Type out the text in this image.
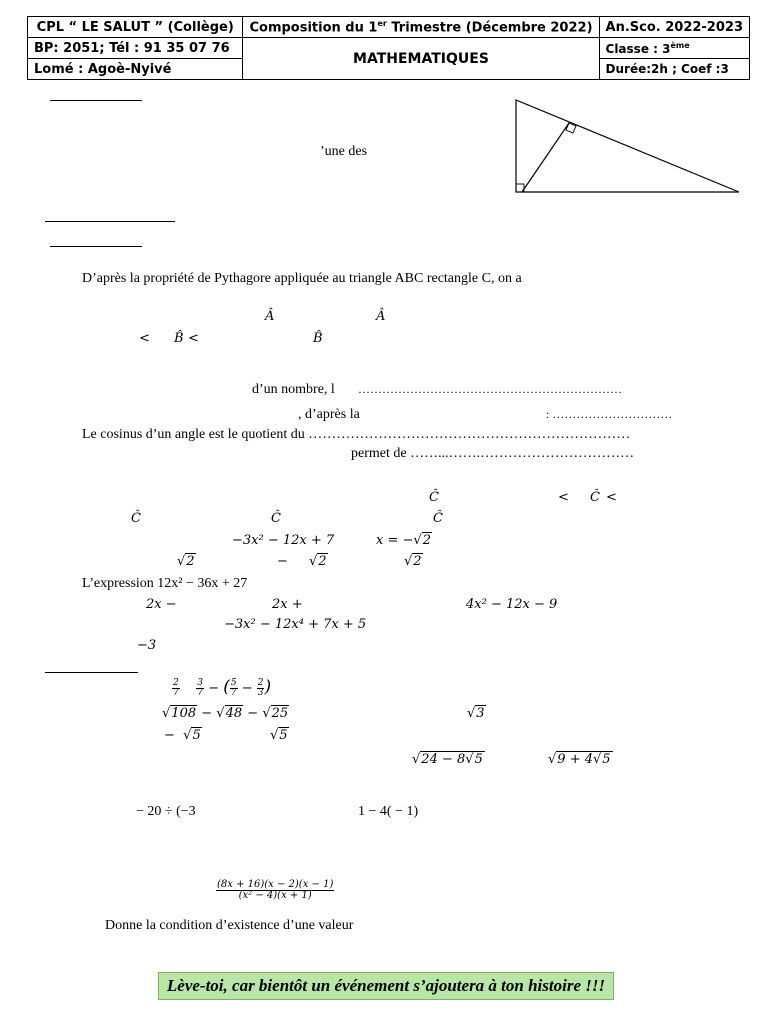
CPL “ LE SALUT ” (Collège)	Composition du 1er Trimestre (Décembre 2022)	An.Sco. 2022-2023
BP: 2051; Tél : 91 35 07 76	MATHEMATIQUES	Classe : 3ème
Lomé : Agoè-Nyivé		Durée:2h ; Coef :3
’une des
D’après la propriété de Pythagore appliquée au triangle ABC rectangle C, on a
Â	Â
< B̂ <	B̂
d’un nombre, l …………………………………………………………
, d’après la	: …………………………
Le cosinus d’un angle est le quotient du ……………………………………………………………
permet de ……...…….……………………………
Ĉ	< Ĉ <
Ĉ	Ĉ	Ĉ
−3x² − 12x + 7	x = −√2
√2	− √2	√2
L’expression 12x² − 36x + 27
2x −	2x +	4x² − 12x − 9
−3x² − 12x⁴ + 7x + 5
−3
$\frac{2}{7}$
$\frac{3}{7}$ − ( $\frac{5}{7} - \frac{2}{3}$ )
√108 − √48 − √25	√3
−  √5	√5
√24 − 8√5	√9 + 4√5
− 20 ÷ (−3	1 − 4( − 1)
$\frac{(8x + 16)(x - 2)(x - 1)}{\text{(x² − 4)(x + 1)}}$
Donne la condition d’existence d’une valeur
Lève-toi, car bientôt un événement s’ajoutera à ton histoire !!!
